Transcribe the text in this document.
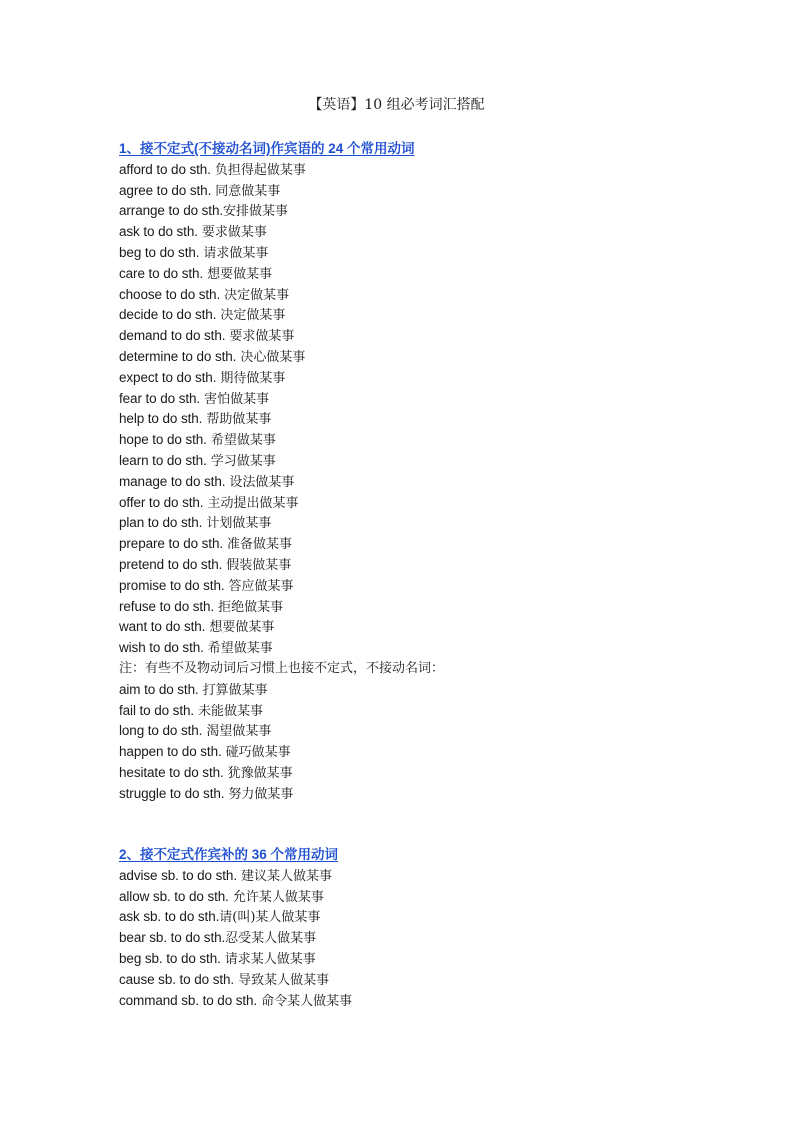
【英语】10 组必考词汇搭配
1、接不定式(不接动名词)作宾语的 24 个常用动词
afford to do sth. 负担得起做某事
agree to do sth. 同意做某事
arrange to do sth.安排做某事
ask to do sth. 要求做某事
beg to do sth. 请求做某事
care to do sth. 想要做某事
choose to do sth. 决定做某事
decide to do sth. 决定做某事
demand to do sth. 要求做某事
determine to do sth. 决心做某事
expect to do sth. 期待做某事
fear to do sth. 害怕做某事
help to do sth. 帮助做某事
hope to do sth. 希望做某事
learn to do sth. 学习做某事
manage to do sth. 设法做某事
offer to do sth. 主动提出做某事
plan to do sth. 计划做某事
prepare to do sth. 准备做某事
pretend to do sth. 假装做某事
promise to do sth. 答应做某事
refuse to do sth. 拒绝做某事
want to do sth. 想要做某事
wish to do sth. 希望做某事
注：有些不及物动词后习惯上也接不定式，不接动名词：
aim to do sth. 打算做某事
fail to do sth. 未能做某事
long to do sth. 渴望做某事
happen to do sth. 碰巧做某事
hesitate to do sth. 犹豫做某事
struggle to do sth. 努力做某事
2、接不定式作宾补的 36 个常用动词
advise sb. to do sth. 建议某人做某事
allow sb. to do sth. 允许某人做某事
ask sb. to do sth.请(叫)某人做某事
bear sb. to do sth.忍受某人做某事
beg sb. to do sth. 请求某人做某事
cause sb. to do sth. 导致某人做某事
command sb. to do sth. 命令某人做某事
